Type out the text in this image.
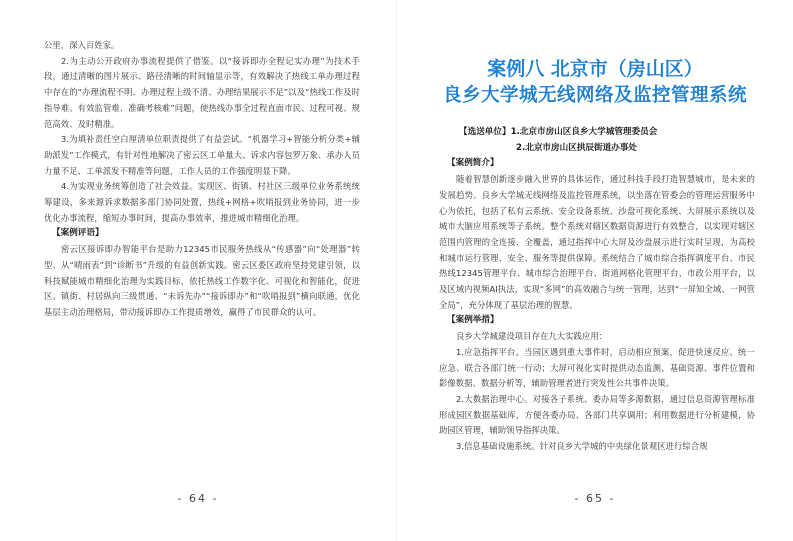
公里，深入百姓家。

2.为主动公开政府办事流程提供了借鉴。以“接诉即办全程记实办理”为技术手段，通过清晰的图片展示、路径清晰的时间轴显示等，有效解决了热线工单办理过程中存在的“办理流程不明、办理过程上级不清、办理结果展示不足”以及“热线工作及时指导难、有效监管难、准确考核难”问题，使热线办事全过程直面市民、过程可视、规范高效、及时精准。

3.为填补责任空白厘清单位职责提供了有益尝试。“机器学习+智能分析分类+辅助派发”工作模式，有针对性地解决了密云区工单量大、诉求内容包罗万象、承办人员力量不足、工单派发不精准等问题，工作人员的工作强度明显下降。

4.为实现业务统筹创造了社会效益。实现区、街镇、村社区三级单位业务系统统筹建设，多来源诉求数据多部门协同处置，热线+网格+吹哨报到业务协同，进一步优化办事流程，缩短办事时间，提高办事效率，推进城市精细化治理。

【案例评语】

密云区接诉即办智能平台是助力12345市民服务热线从“传感器”向“处理器”转型、从“晴雨表”到“诊断书”升级的有益创新实践。密云区委区政府坚持党建引领，以科技赋能城市精细化治理为实践目标，依托热线工作数字化、可视化和智能化，促进区、镇街、村居纵向三级贯通、“未诉先办”“接诉即办”和“吹哨报到”横向联通，优化基层主动治理格局，带动接诉即办工作提质增效，赢得了市民群众的认可。

- 64 -
案例八 北京市（房山区）
良乡大学城无线网络及监控管理系统

【选送单位】1.北京市房山区良乡大学城管理委员会

2.北京市房山区拱辰街道办事处

【案例简介】

随着智慧创新逐步融入世界的具体运作，通过科技手段打造智慧城市，是未来的发展趋势。良乡大学城无线网络及监控管理系统，以坐落在管委会的管理运营服务中心为依托，包括了私有云系统、安全设备系统、沙盘可视化系统、大屏展示系统以及城市大脑应用系统等子系统。整个系统对辖区数据资源进行有效整合，以实现对辖区范围内管理的全连接、全覆盖，通过指挥中心大屏及沙盘展示进行实时呈现，为高校和城市运行管理、安全、服务等提供保障。系统结合了城市综合指挥调度平台、市民热线12345管理平台、城市综合治理平台、街道网格化管理平台、市政公用平台，以及区域内视频AI执法，实现“多网”的高效融合与统一管理，达到“一屏知全域、一网管全局”，充分体现了基层治理的智慧。

【案例举措】

良乡大学城建设项目存在九大实践应用：

1.应急指挥平台。当园区遇到重大事件时，启动相应预案，促进快速反应、统一应急、联合各部门统一行动；大屏可视化实时提供动态监测、基础资源、事件位置和影像数据、数据分析等，辅助管理者进行突发性公共事件决策。

2.大数据治理中心。对接各子系统、委办局等多源数据，通过信息资源管理标准形成园区数据基础库，方便各委办局、各部门共享调用；利用数据进行分析建模，协助园区管理，辅助领导指挥决策。

3.信息基础设施系统。针对良乡大学城的中央绿化景观区进行综合规

- 65 -
